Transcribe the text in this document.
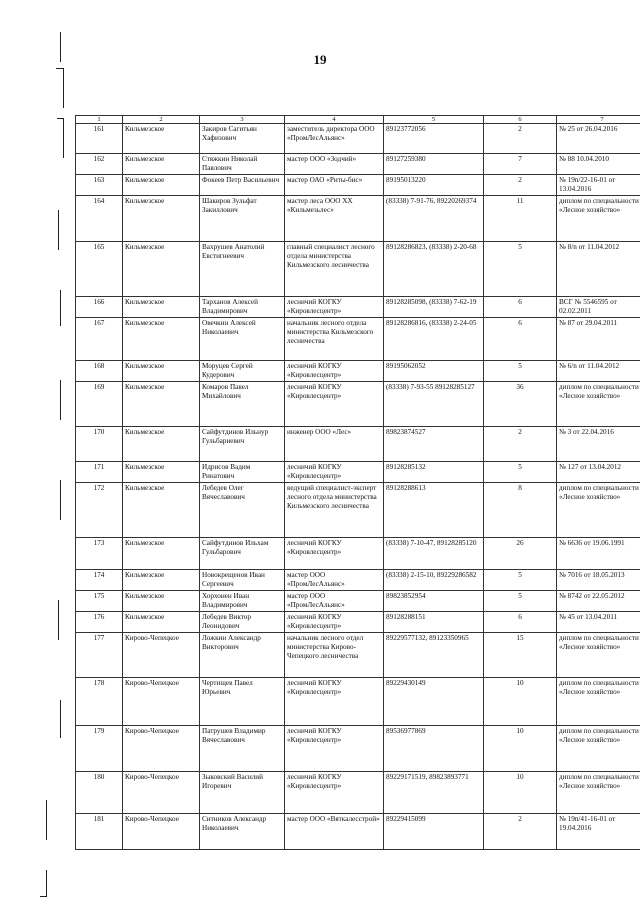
19
1	2	3	4	5	6	7
161	Кильмезское	Закиров Сагитьян Хафизович	заместитель директора ООО «ПромЛесАльянс»	89123772056	2	№ 25 от 26.04.2016
162	Кильмезское	Стяжкин Николай Павлович	мастер ООО «Зодчий»	89127259380	7	№ 88 10.04.2010
163	Кильмезское	Фокеев Петр Васильевич	мастер ОАО «Риты-бис»	89195013220	2	№ 19n/22-16-01 от 13.04.2016
164	Кильмезское	Шакиров Зульфат Закиллович	мастер леса ООО ХХ «Кильмезьлес»	(83338) 7-91-76, 89220269374	11	диплом по специальности «Лесное хозяйство»
165	Кильмезское	Вахрушев Анатолий Евстигнеевич	главный специалист лесного отдела министерства Кильмезского лесничества	89128286823, (83338) 2-20-68	5	№ 8/n от 11.04.2012
166	Кильмезское	Тарханов Алексей Владимирович	лесничий КОГКУ «Кировлесцентр»	89128285098, (83338) 7-62-19	6	ВСГ № 5546595 от 02.02.2011
167	Кильмезское	Овечкин Алексей Николаевич	начальник лесного отдела министерства Кильмезского лесничества	89128286816, (83338) 2-24-05	6	№ 87 от 29.04.2011
168	Кильмезское	Моруцев Сергей Кудерович	лесничий КОГКУ «Кировлесцентр»	89195062052	5	№ 6/n от 11.04.2012
169	Кильмезское	Комаров Павел Михайлович	лесничий КОГКУ «Кировлесцентр»	(83338) 7-93-55 89128285127	36	диплом по специальности «Лесное хозяйство»
170	Кильмезское	Сайфутдинов Ильнур Гульбариевич	инженер ООО «Лес»	89823874527	2	№ 3 от 22.04.2016
171	Кильмезское	Идрисов Вадим Ринатович	лесничий КОГКУ «Кировлесцентр»	89128285132	5	№ 127 от 13.04.2012
172	Кильмезское	Лебедев Олег Вячеславович	ведущий специалист-эксперт лесного отдела министерства Кильмезского лесничества	89128288613	8	диплом по специальности «Лесное хозяйство»
173	Кильмезское	Сайфутдинов Ильхам Гульбарович	лесничий КОГКУ «Кировлесцентр»	(83338) 7-10-47, 89128285120	26	№ 6636 от 19.06.1991
174	Кильмезское	Новокрещенов Иван Сергеевич	мастер ООО «ПромЛесАльянс»	(83338) 2-15-10, 89229286582	5	№ 7016 от 18.05.2013
175	Кильмезское	Хорхонен Иван Владимирович	мастер ООО «ПромЛесАльянс»	89823852954	5	№ 8742 от 22.05.2012
176	Кильмезское	Лебедев Виктор Леонидович	лесничий КОГКУ «Кировлесцентр»	89128288151	6	№ 45 от 13.04.2011
177	Кирово-Чепецкое	Ложкин Александр Викторович	начальник лесного отдел министерства Кирово-Чепецкого лесничества	89229577132, 89123350965	15	диплом по специальности «Лесное хозяйство»
178	Кирово-Чепецкое	Чертищев Павел Юрьевич	лесничий КОГКУ «Кировлесцентр»	89229430149	10	диплом по специальности «Лесное хозяйство»
179	Кирово-Чепецкое	Патрушев Владимир Вячеславович	лесничий КОГКУ «Кировлесцентр»	89536977869	10	диплом по специальности «Лесное хозяйство»
180	Кирово-Чепецкое	Зыковский Василий Игоревич	лесничий КОГКУ «Кировлесцентр»	89229171519, 89823893771	10	диплом по специальности «Лесное хозяйство»
181	Кирово-Чепецкое	Ситников Александр Николаевич	мастер ООО «Вяткалесстрой»	89229415099	2	№ 19n/41-16-01 от 19.04.2016
